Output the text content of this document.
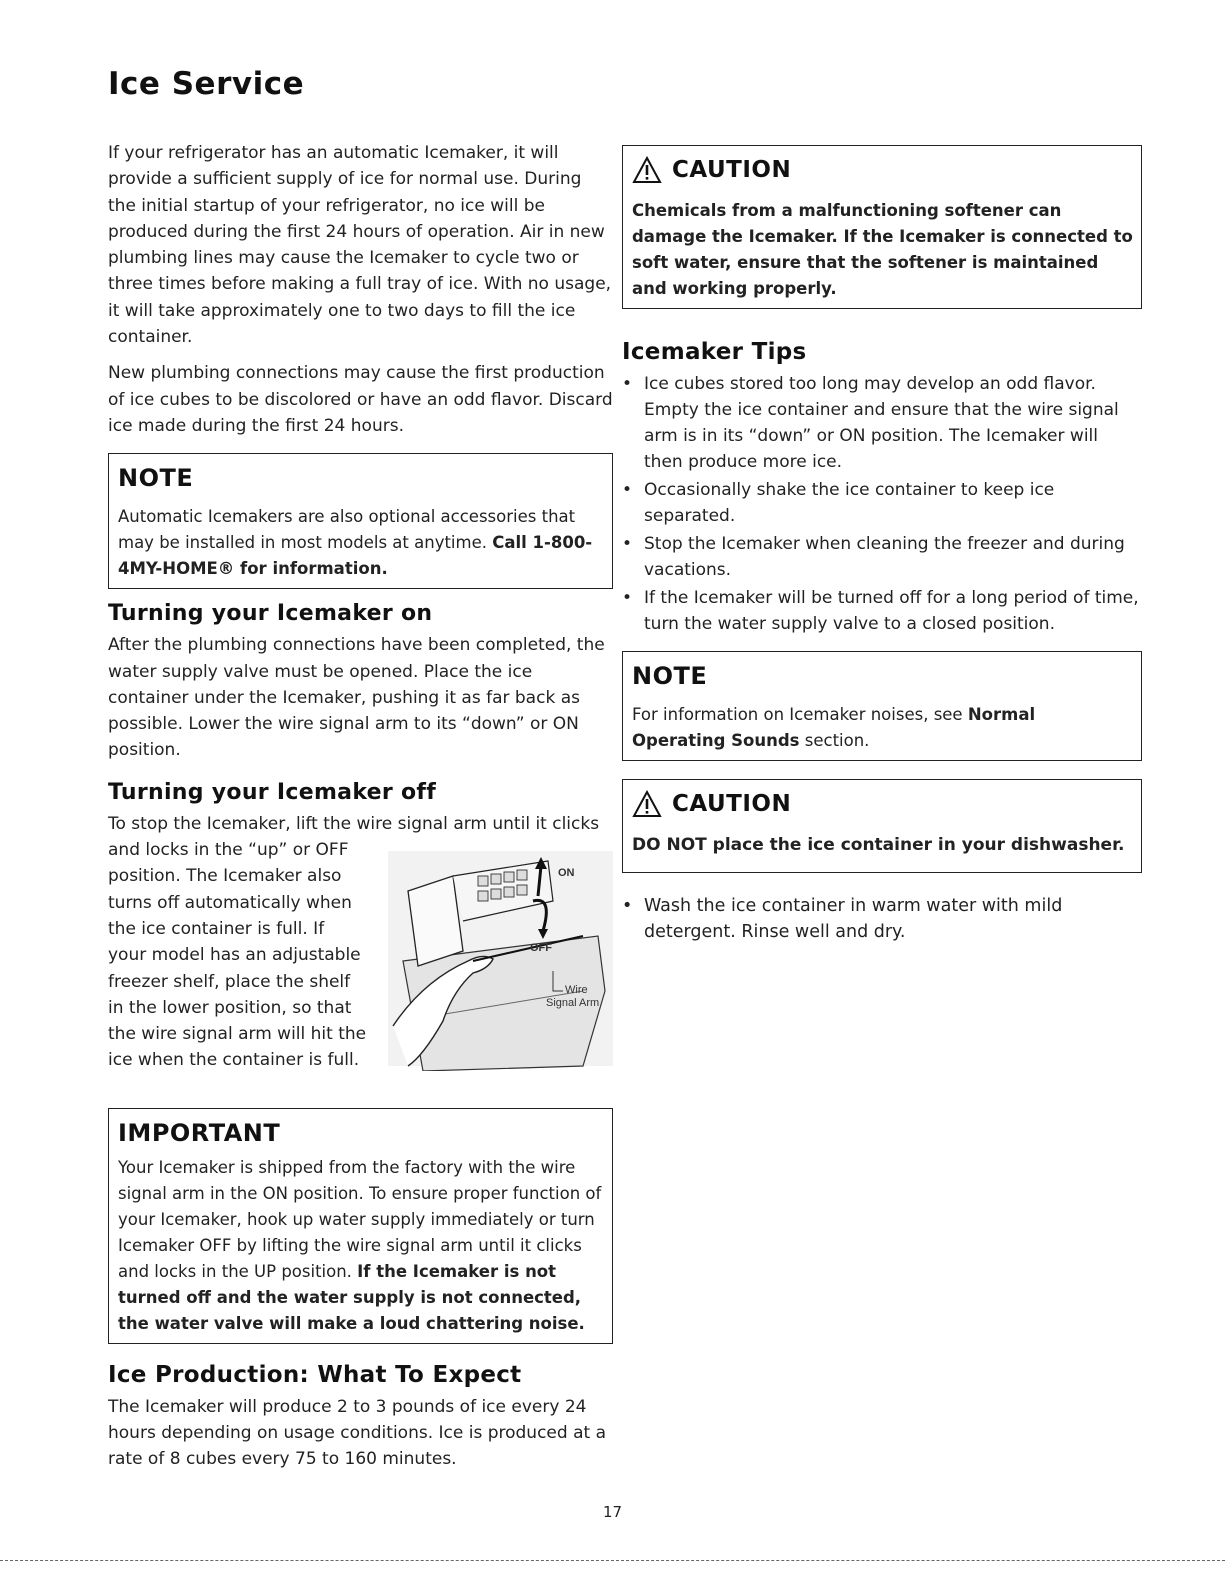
Ice Service

If your refrigerator has an automatic Icemaker, it will provide a sufficient supply of ice for normal use. During the initial startup of your refrigerator, no ice will be produced during the first 24 hours of operation. Air in new plumbing lines may cause the Icemaker to cycle two or three times before making a full tray of ice. With no usage, it will take approximately one to two days to fill the ice container.

New plumbing connections may cause the first production of ice cubes to be discolored or have an odd flavor. Discard ice made during the first 24 hours.

NOTE

Automatic Icemakers are also optional accessories that may be installed in most models at anytime. Call 1-800-4MY-HOME® for information.

Turning your Icemaker on

After the plumbing connections have been completed, the water supply valve must be opened. Place the ice container under the Icemaker, pushing it as far back as possible. Lower the wire signal arm to its “down” or ON position.

Turning your Icemaker off

To stop the Icemaker, lift the wire signal arm until it clicks and locks in the “up” or OFF

position. The Icemaker also
turns off automatically when
the ice container is full. If
your model has an adjustable
freezer shelf, place the shelf
in the lower position, so that
the wire signal arm will hit the
ice when the container is full.
ON
OFF
Wire
Signal Arm
IMPORTANT

Your Icemaker is shipped from the factory with the wire signal arm in the ON position. To ensure proper function of your Icemaker, hook up water supply immediately or turn Icemaker OFF by lifting the wire signal arm until it clicks and locks in the UP position. If the Icemaker is not turned off and the water supply is not connected, the water valve will make a loud chattering noise.

Ice Production: What To Expect

The Icemaker will produce 2 to 3 pounds of ice every 24 hours depending on usage conditions. Ice is produced at a rate of 8 cubes every 75 to 160 minutes.

CAUTION

Chemicals from a malfunctioning softener can damage the Icemaker. If the Icemaker is connected to soft water, ensure that the softener is maintained and working properly.

Icemaker Tips
• Ice cubes stored too long may develop an odd flavor. Empty the ice container and ensure that the wire signal arm is in its “down” or ON position. The Icemaker will then produce more ice.
• Occasionally shake the ice container to keep ice separated.
• Stop the Icemaker when cleaning the freezer and during vacations.
• If the Icemaker will be turned off for a long period of time, turn the water supply valve to a closed position.
NOTE

For information on Icemaker noises, see Normal Operating Sounds section.

CAUTION

DO NOT place the ice container in your dishwasher.

• Wash the ice container in warm water with mild detergent. Rinse well and dry.
17
